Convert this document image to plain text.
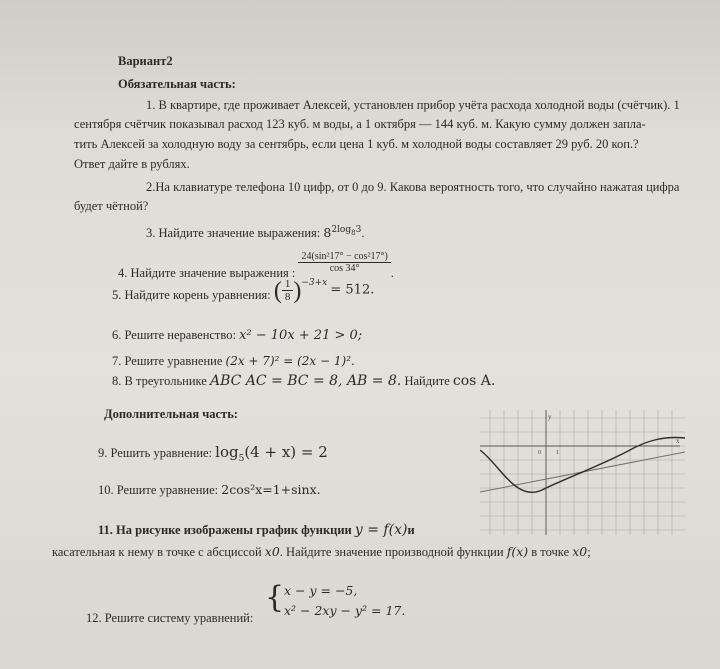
Вариант2
Обязательная часть:
1. В квартире, где проживает Алексей, установлен прибор учёта расхода холодной воды (счётчик). 1
сентября счётчик показывал расход 123 куб. м воды, а 1 октября — 144 куб. м. Какую сумму должен запла-
тить Алексей за холодную воду за сентябрь, если цена 1 куб. м холодной воды составляет 29 руб. 20 коп.?
Ответ дайте в рублях.
2.На клавиатуре телефона 10 цифр, от 0 до 9. Какова вероятность того, что случайно нажатая цифра
будет чётной?
3. Найдите значение выражения: $8^{2log_83}$.
4. Найдите значение выражения : $\frac{\text{24(sin²17° − cos²17°)}}{\cos 34^\circ}$ .
5. Найдите корень уравнения: ( $\frac{1}{8} )^{-3+x} = 512$.
6. Решите неравенство: x² − 10x + 21 > 0;
7. Решите уравнение (2x + 7)² = (2x − 1)².
8. В треугольнике ABC AC = BC = 8, AB = 8. Найдите cos A.
Дополнительная часть:
9. Решить уравнение: $\log_5(4 + x) = 2$
10. Решите уравнение: 2cos²x=1+sinx.
11. На рисунке изображены график функции y = f(x)и
касательная к нему в точке с абсциссой x0. Найдите значение производной функции f(x) в точке x0;
12. Решите систему уравнений:
{ x − y = −5,
x² − 2xy − y² = 17.
y
x
0	1
